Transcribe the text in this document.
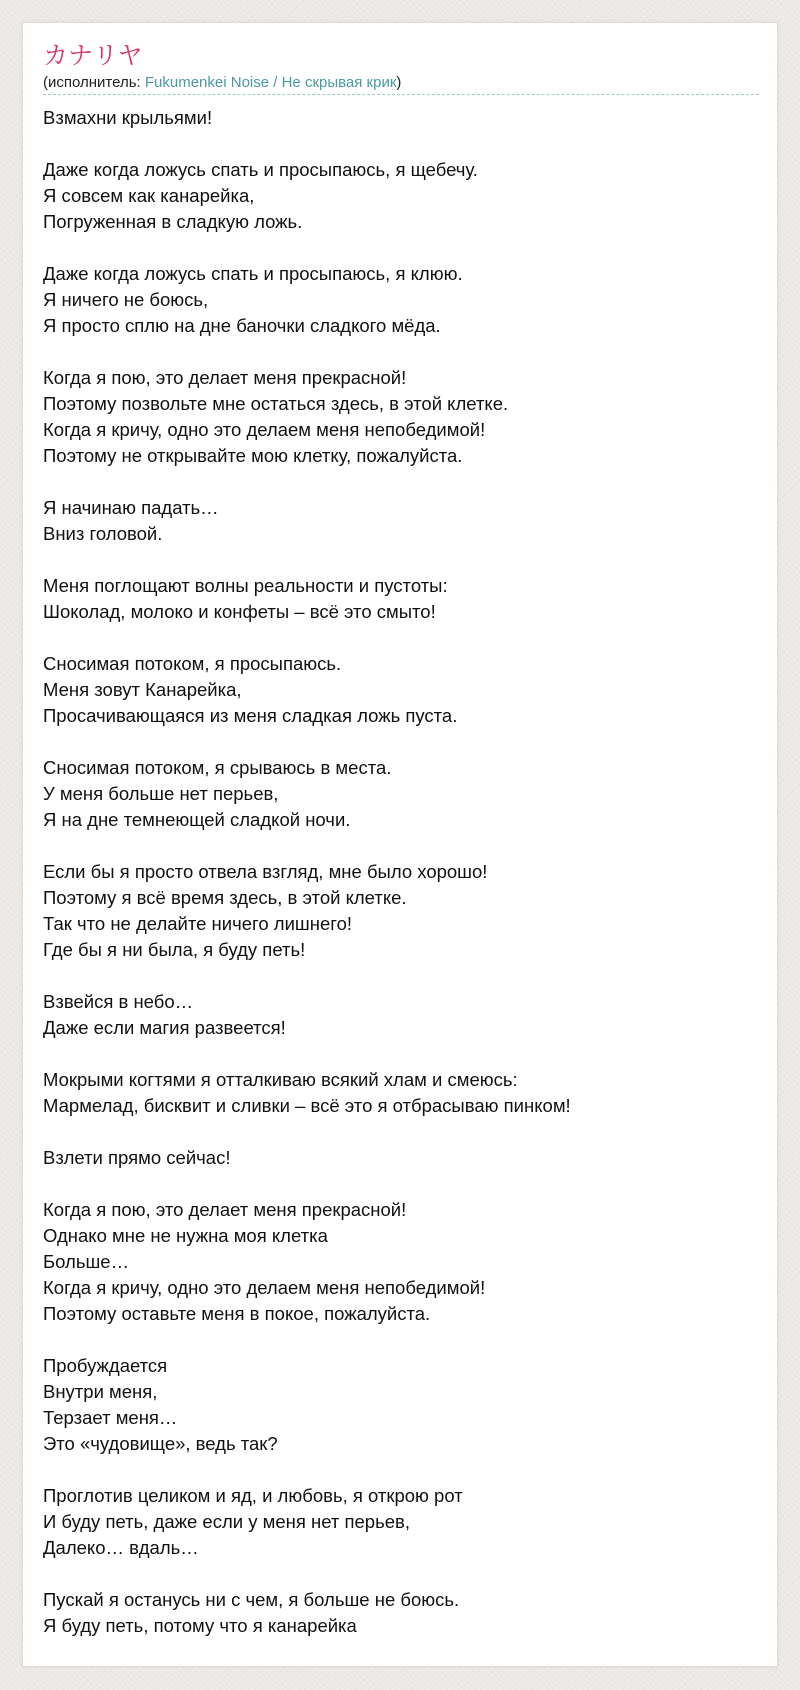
カナリヤ
(исполнитель: Fukumenkei Noise / Не скрывая крик)
Взмахни крыльями!
Даже когда ложусь спать и просыпаюсь, я щебечу.
Я совсем как канарейка,
Погруженная в сладкую ложь.
Даже когда ложусь спать и просыпаюсь, я клюю.
Я ничего не боюсь,
Я просто сплю на дне баночки сладкого мёда.
Когда я пою, это делает меня прекрасной!
Поэтому позвольте мне остаться здесь, в этой клетке.
Когда я кричу, одно это делаем меня непобедимой!
Поэтому не открывайте мою клетку, пожалуйста.
Я начинаю падать…
Вниз головой.
Меня поглощают волны реальности и пустоты:
Шоколад, молоко и конфеты – всё это смыто!
Сносимая потоком, я просыпаюсь.
Меня зовут Канарейка,
Просачивающаяся из меня сладкая ложь пуста.
Сносимая потоком, я срываюсь в места.
У меня больше нет перьев,
Я на дне темнеющей сладкой ночи.
Если бы я просто отвела взгляд, мне было хорошо!
Поэтому я всё время здесь, в этой клетке.
Так что не делайте ничего лишнего!
Где бы я ни была, я буду петь!
Взвейся в небо…
Даже если магия развеется!
Мокрыми когтями я отталкиваю всякий хлам и смеюсь:
Мармелад, бисквит и сливки – всё это я отбрасываю пинком!
Взлети прямо сейчас!
Когда я пою, это делает меня прекрасной!
Однако мне не нужна моя клетка
Больше…
Когда я кричу, одно это делаем меня непобедимой!
Поэтому оставьте меня в покое, пожалуйста.
Пробуждается
Внутри меня,
Терзает меня…
Это «чудовище», ведь так?
Проглотив целиком и яд, и любовь, я открою рот
И буду петь, даже если у меня нет перьев,
Далеко… вдаль…
Пускай я останусь ни с чем, я больше не боюсь.
Я буду петь, потому что я канарейка
